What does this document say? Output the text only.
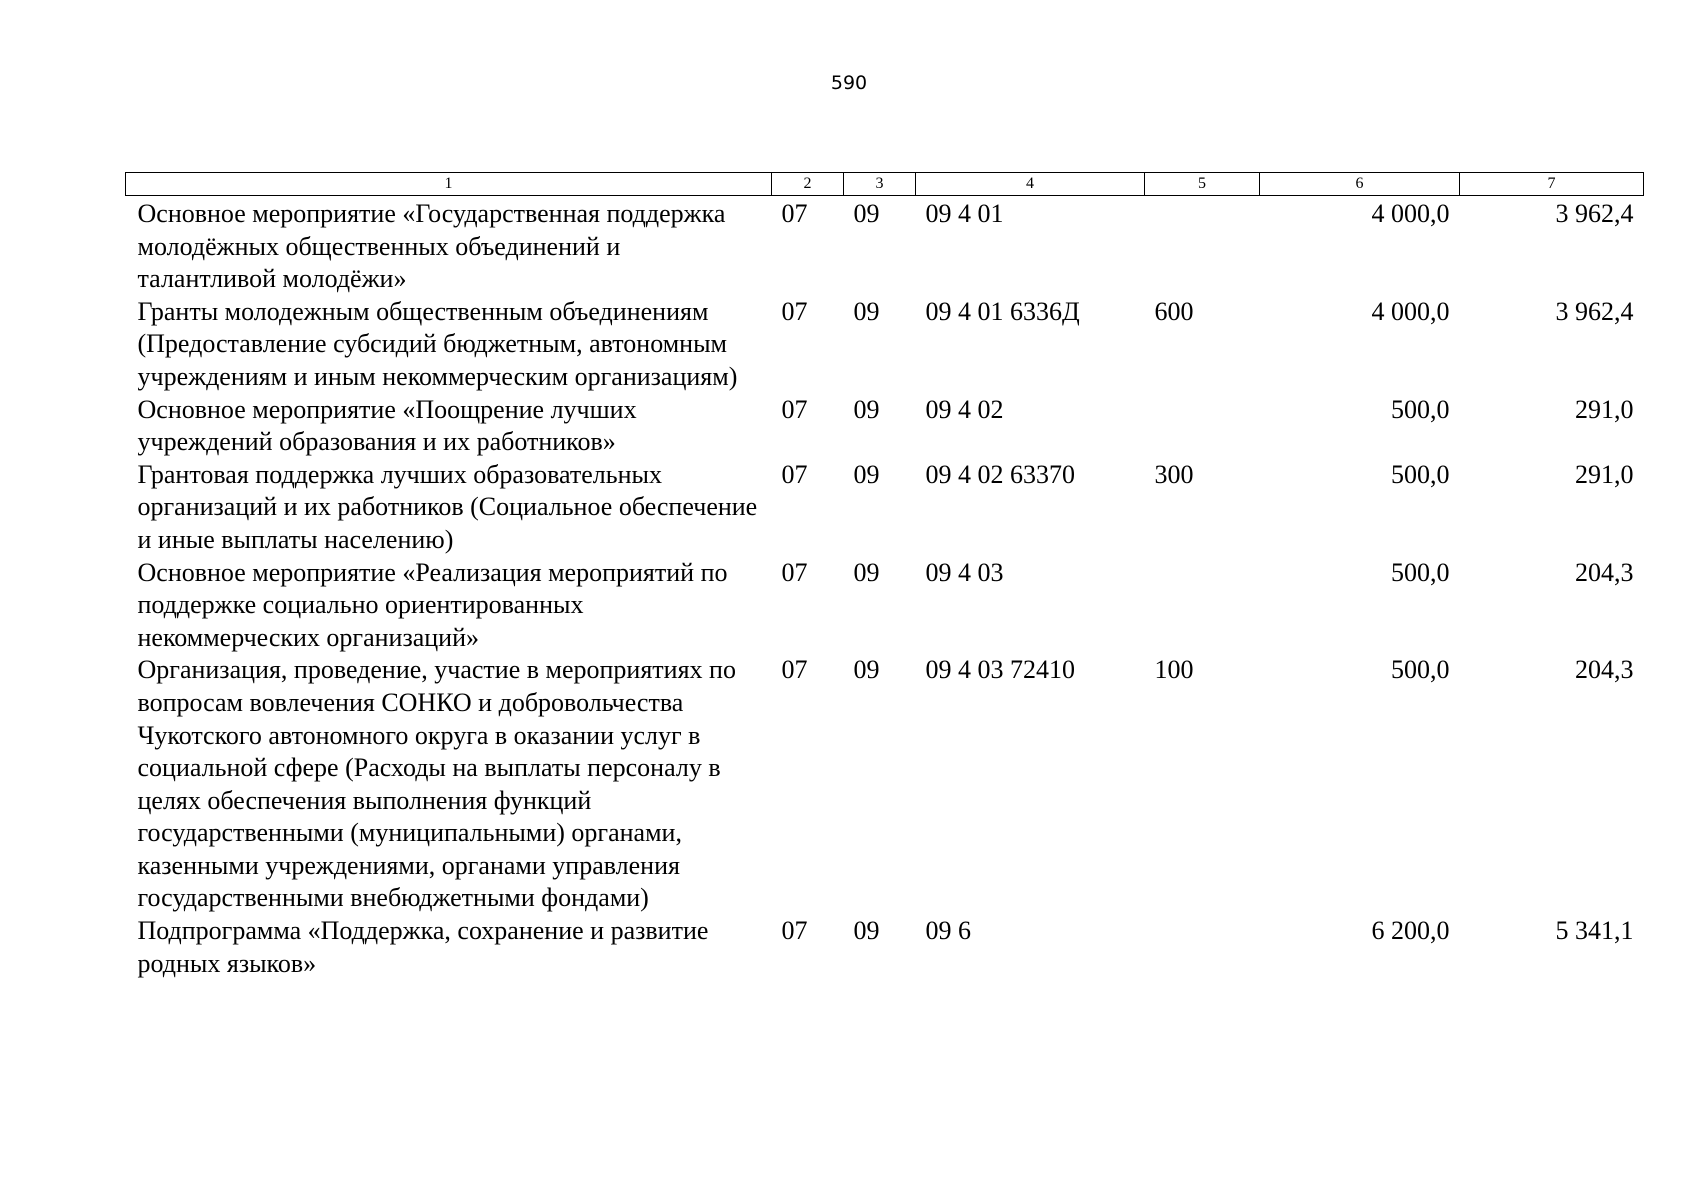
590
1	2	3	4	5	6	7
Основное мероприятие «Государственная поддержка молодёжных общественных объединений и талантливой молодёжи»	07	09	09 4 01		4 000,0	3 962,4
Гранты молодежным общественным объединениям (Предоставление субсидий бюджетным, автономным учреждениям и иным некоммерческим организациям)	07	09	09 4 01 6336Д	600	4 000,0	3 962,4
Основное мероприятие «Поощрение лучших учреждений образования и их работников»	07	09	09 4 02		500,0	291,0
Грантовая поддержка лучших образовательных организаций и их работников (Социальное обеспечение и иные выплаты населению)	07	09	09 4 02 63370	300	500,0	291,0
Основное мероприятие «Реализация мероприятий по поддержке социально ориентированных некоммерческих организаций»	07	09	09 4 03		500,0	204,3
Организация, проведение, участие в мероприятиях по вопросам вовлечения СОНКО и добровольчества Чукотского автономного округа в оказании услуг в социальной сфере (Расходы на выплаты персоналу в целях обеспечения выполнения функций государственными (муниципальными) органами, казенными учреждениями, органами управления государственными внебюджетными фондами)	07	09	09 4 03 72410	100	500,0	204,3
Подпрограмма «Поддержка, сохранение и развитие родных языков»	07	09	09 6		6 200,0	5 341,1
